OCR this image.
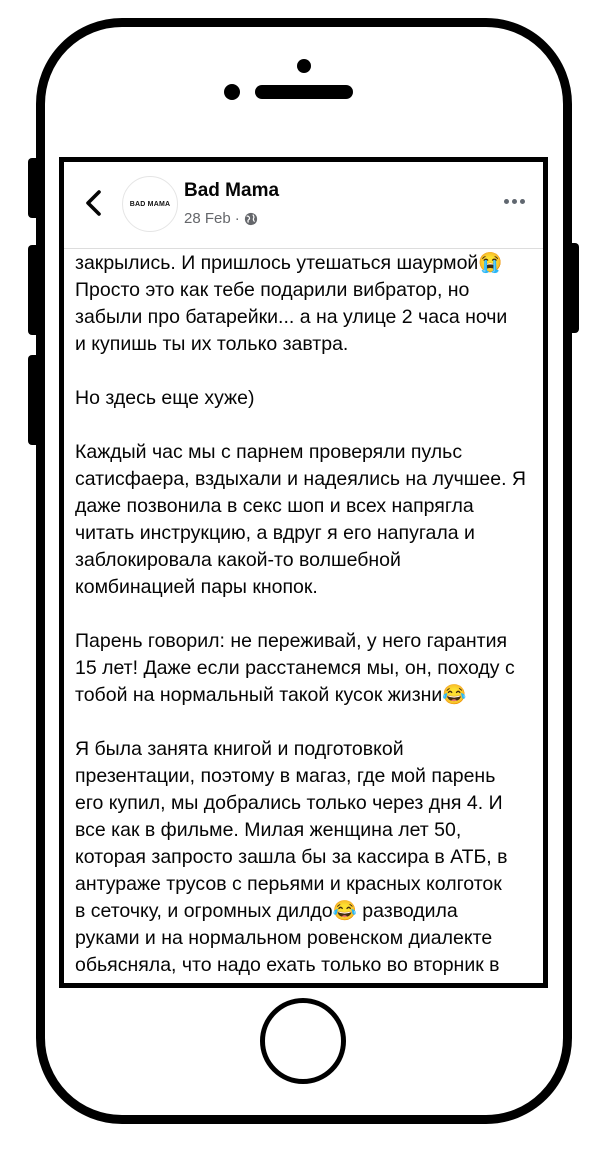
BAD MAMA
Bad Mama
28 Feb ·

закрылись. И пришлось утешаться шаурмой😭

Просто это как тебе подарили вибратор, но

забыли про батарейки... а на улице 2 часа ночи

и купишь ты их только завтра.

Но здесь еще хуже)

Каждый час мы с парнем проверяли пульс

сатисфаера, вздыхали и надеялись на лучшее. Я

даже позвонила в секс шоп и всех напрягла

читать инструкцию, а вдруг я его напугала и

заблокировала какой-то волшебной

комбинацией пары кнопок.

Парень говорил: не переживай, у него гарантия

15 лет! Даже если расстанемся мы, он, походу с

тобой на нормальный такой кусок жизни😂

Я была занята книгой и подготовкой

презентации, поэтому в магаз, где мой парень

его купил, мы добрались только через дня 4. И

все как в фильме. Милая женщина лет 50,

которая запросто зашла бы за кассира в АТБ, в

антураже трусов с перьями и красных колготок

в сеточку, и огромных дилдо😂 разводила

руками и на нормальном ровенском диалекте

обьясняла, что надо ехать только во вторник в
